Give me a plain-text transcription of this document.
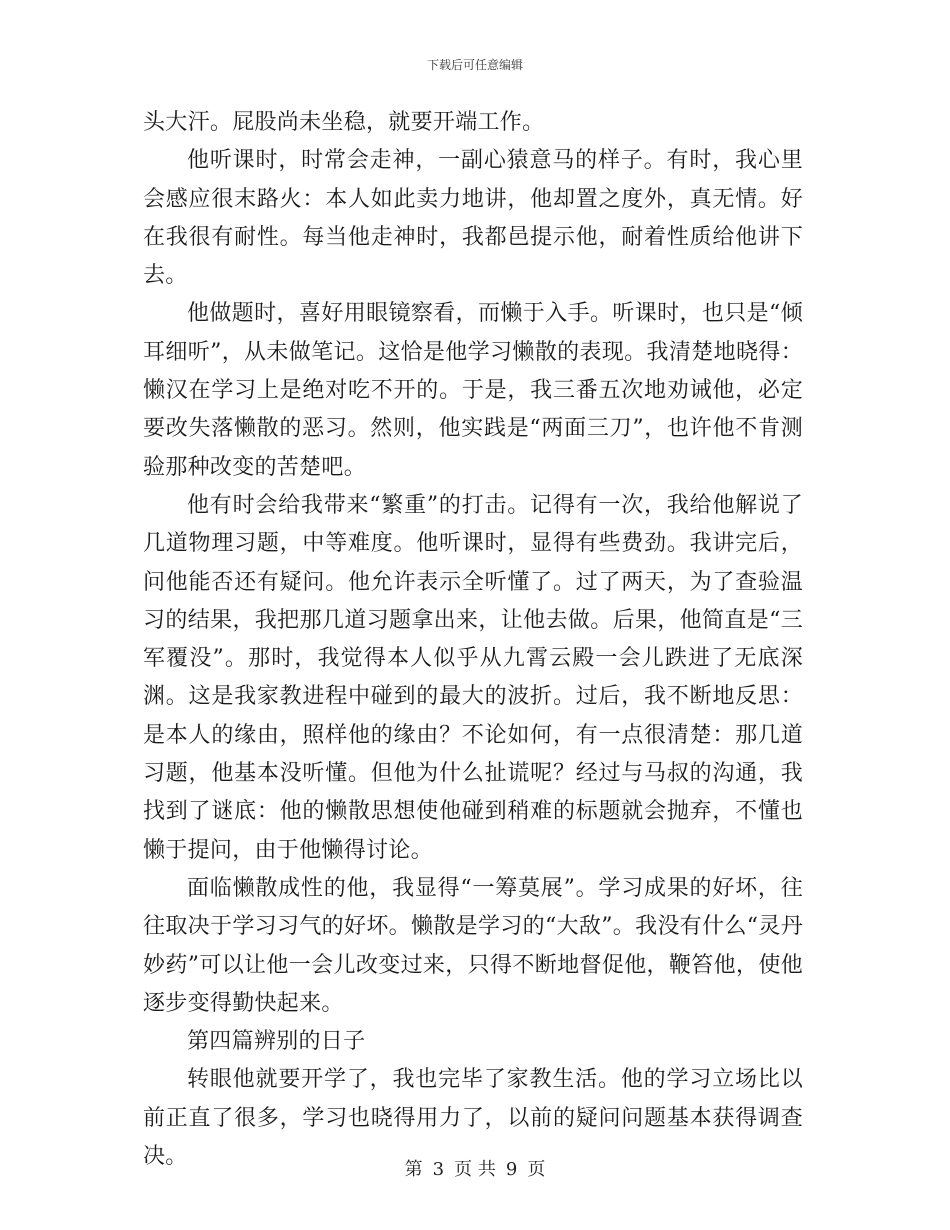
下载后可任意编辑

头大汗。屁股尚未坐稳，就要开端工作。

他听课时，时常会走神，一副心猿意马的样子。有时，我心里会感应很末路火：本人如此卖力地讲，他却置之度外，真无情。好在我很有耐性。每当他走神时，我都邑提示他，耐着性质给他讲下去。

他做题时，喜好用眼镜察看，而懒于入手。听课时，也只是“倾耳细听”，从未做笔记。这恰是他学习懒散的表现。我清楚地晓得：懒汉在学习上是绝对吃不开的。于是，我三番五次地劝诫他，必定要改失落懒散的恶习。然则，他实践是“两面三刀”，也许他不肯测验那种改变的苦楚吧。

他有时会给我带来“繁重”的打击。记得有一次，我给他解说了几道物理习题，中等难度。他听课时，显得有些费劲。我讲完后，问他能否还有疑问。他允许表示全听懂了。过了两天，为了查验温习的结果，我把那几道习题拿出来，让他去做。后果，他简直是“三军覆没”。那时，我觉得本人似乎从九霄云殿一会儿跌进了无底深渊。这是我家教进程中碰到的最大的波折。过后，我不断地反思：是本人的缘由，照样他的缘由？不论如何，有一点很清楚：那几道习题，他基本没听懂。但他为什么扯谎呢？经过与马叔的沟通，我找到了谜底：他的懒散思想使他碰到稍难的标题就会抛弃，不懂也懒于提问，由于他懒得讨论。

面临懒散成性的他，我显得“一筹莫展”。学习成果的好坏，往往取决于学习习气的好坏。懒散是学习的“大敌”。我没有什么“灵丹妙药”可以让他一会儿改变过来，只得不断地督促他，鞭笞他，使他逐步变得勤快起来。

第四篇辨别的日子

转眼他就要开学了，我也完毕了家教生活。他的学习立场比以前正直了很多，学习也晓得用力了，以前的疑问问题基本获得调查决。

第 3 页 共 9 页
